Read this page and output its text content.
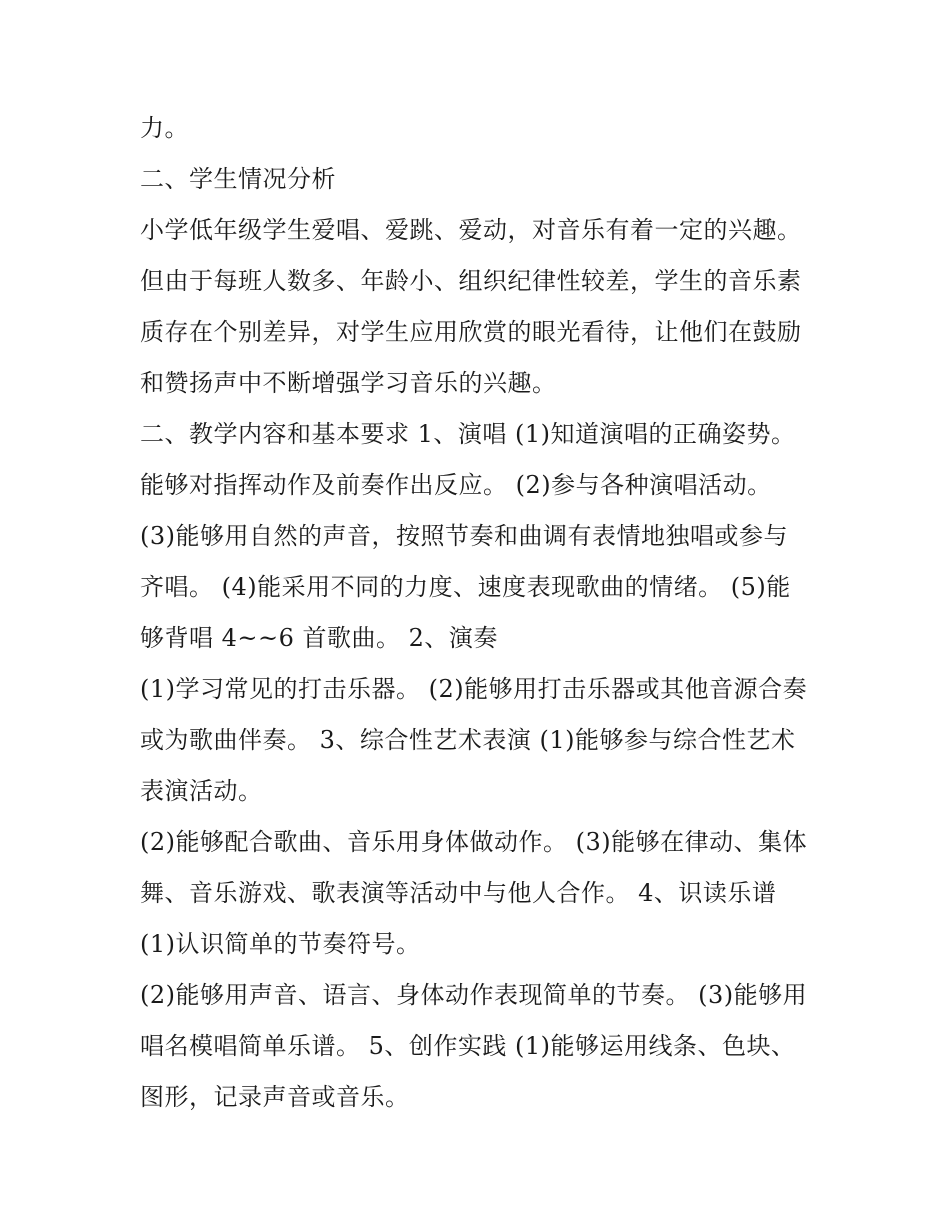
力。
二、学生情况分析
小学低年级学生爱唱、爱跳、爱动，对音乐有着一定的兴趣。
但由于每班人数多、年龄小、组织纪律性较差，学生的音乐素
质存在个别差异，对学生应用欣赏的眼光看待，让他们在鼓励
和赞扬声中不断增强学习音乐的兴趣。
二、教学内容和基本要求 1、演唱 (1)知道演唱的正确姿势。
能够对指挥动作及前奏作出反应。 (2)参与各种演唱活动。
(3)能够用自然的声音，按照节奏和曲调有表情地独唱或参与
齐唱。 (4)能采用不同的力度、速度表现歌曲的情绪。 (5)能
够背唱 4~~6 首歌曲。 2、演奏
(1)学习常见的打击乐器。 (2)能够用打击乐器或其他音源合奏
或为歌曲伴奏。 3、综合性艺术表演 (1)能够参与综合性艺术
表演活动。
(2)能够配合歌曲、音乐用身体做动作。 (3)能够在律动、集体
舞、音乐游戏、歌表演等活动中与他人合作。 4、识读乐谱
(1)认识简单的节奏符号。
(2)能够用声音、语言、身体动作表现简单的节奏。 (3)能够用
唱名模唱简单乐谱。 5、创作实践 (1)能够运用线条、色块、
图形，记录声音或音乐。
